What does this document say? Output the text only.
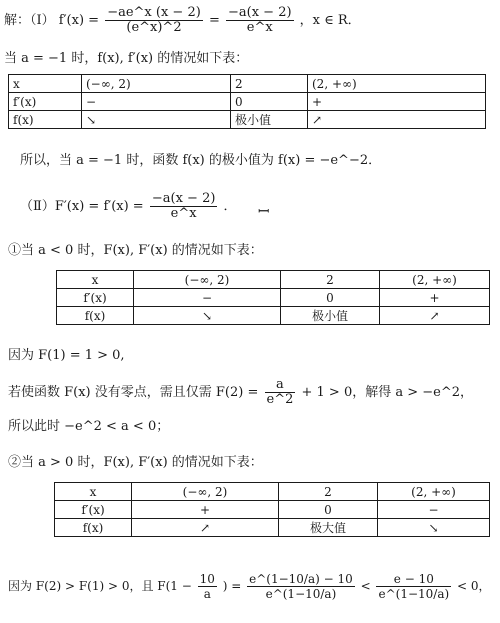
解：（Ⅰ） $f'(x) = \frac{-ae\^{}x (x - 2)}{(e\^{}x)\^{}2} = \frac{-a(x - 2)}{e\^{}x}$ ，x ∈ R．
当 a = −1 时，f(x), f′(x) 的情况如下表：
x	(−∞, 2)	2	(2, +∞)
f′(x)	−	0	+
f(x)	↘	极小值	↗
所以，当 a = −1 时，函数 f(x) 的极小值为 f(x) = −e^−2．
（Ⅱ）F′(x) = $f'(x) = \frac{-a(x - 2)}{e\^{}x}$ ． ꟷ
①当 a < 0 时，F(x), F′(x) 的情况如下表：
x	(−∞, 2)	2	(2, +∞)
f′(x)	−	0	+
f(x)	↘	极小值	↗
因为 F(1) = 1 > 0,
若使函数 F(x) 没有零点，需且仅需 $F(2) = \frac{a}{e\^{}2} + 1 > 0$，解得 a > −e^2，
所以此时 −e^2 < a < 0；
②当 a > 0 时，F(x), F′(x) 的情况如下表：
x	(−∞, 2)	2	(2, +∞)
f′(x)	+	0	−
f(x)	↗	极大值	↘
因为 F(2) > F(1) > 0，且 $F(1 - \frac{10}{a}$ ) = $\frac{e\^{}(1-10/a) - 10}{e\^{}(1-10/a)} < \frac{e - 10}{e\^{}(1-10/a)} < 0$，
